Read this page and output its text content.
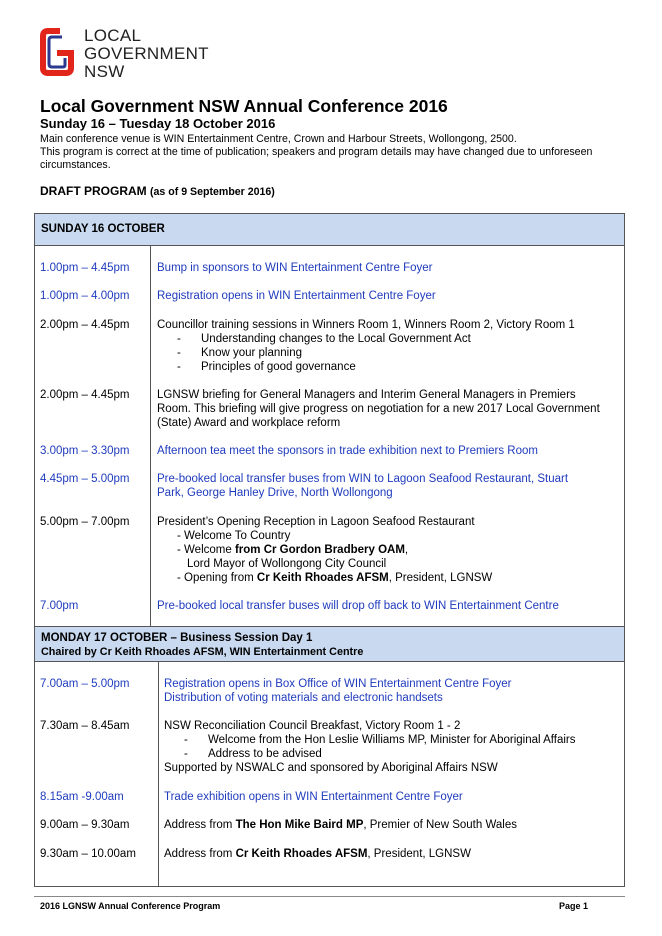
LOCAL
GOVERNMENT
NSW
Local Government NSW Annual Conference 2016
Sunday 16 – Tuesday 18 October 2016
Main conference venue is WIN Entertainment Centre, Crown and Harbour Streets, Wollongong, 2500.
This program is correct at the time of publication; speakers and program details may have changed due to unforeseen circumstances.
DRAFT PROGRAM (as of 9 September 2016)
SUNDAY 16 OCTOBER
1.00pm – 4.45pm Bump in sponsors to WIN Entertainment Centre Foyer
1.00pm – 4.00pm Registration opens in WIN Entertainment Centre Foyer
2.00pm – 4.45pm Councillor training sessions in Winners Room 1, Winners Room 2, Victory Room 1
- Understanding changes to the Local Government Act
- Know your planning
- Principles of good governance
2.00pm – 4.45pm LGNSW briefing for General Managers and Interim General Managers in Premiers Room. This briefing will give progress on negotiation for a new 2017 Local Government (State) Award and workplace reform
3.00pm – 3.30pm Afternoon tea meet the sponsors in trade exhibition next to Premiers Room
4.45pm – 5.00pm Pre-booked local transfer buses from WIN to Lagoon Seafood Restaurant, Stuart Park, George Hanley Drive, North Wollongong
5.00pm – 7.00pm President’s Opening Reception in Lagoon Seafood Restaurant
- Welcome To Country
- Welcome from Cr Gordon Bradbery OAM,
Lord Mayor of Wollongong City Council
- Opening from Cr Keith Rhoades AFSM, President, LGNSW
7.00pm	Pre-booked local transfer buses will drop off back to WIN Entertainment Centre
MONDAY 17 OCTOBER – Business Session Day 1
Chaired by Cr Keith Rhoades AFSM, WIN Entertainment Centre
7.00am – 5.00pm	Registration opens in Box Office of WIN Entertainment Centre Foyer
Distribution of voting materials and electronic handsets
7.30am – 8.45am	NSW Reconciliation Council Breakfast, Victory Room 1 - 2
- Welcome from the Hon Leslie Williams MP, Minister for Aboriginal Affairs
- Address to be advised
Supported by NSWALC and sponsored by Aboriginal Affairs NSW
8.15am -9.00am	Trade exhibition opens in WIN Entertainment Centre Foyer
9.00am – 9.30am	Address from The Hon Mike Baird MP, Premier of New South Wales
9.30am – 10.00am Address from Cr Keith Rhoades AFSM, President, LGNSW
2016 LGNSW Annual Conference Program	Page 1
